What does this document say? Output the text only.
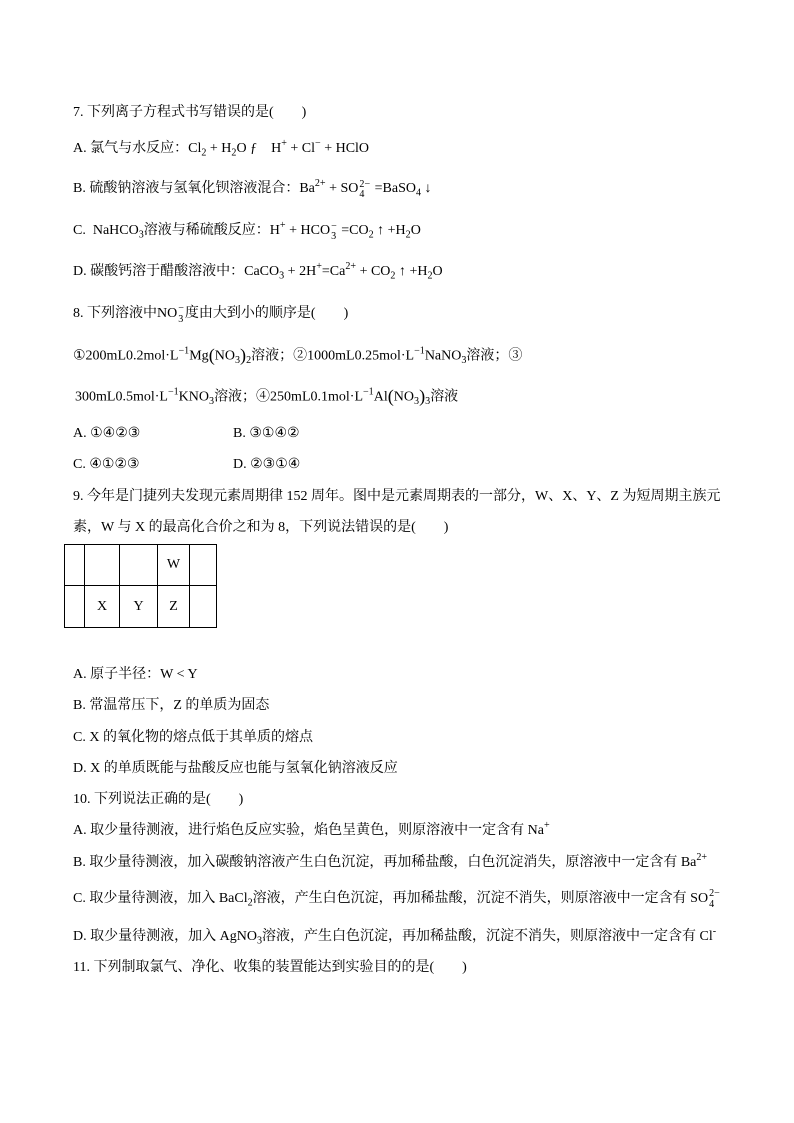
7. 下列离子方程式书写错误的是(　　)
A. 氯气与水反应：$Cl_2 + H_2O$ ƒ　H+ + Cl− + HClO
B. 硫酸钠溶液与氢氧化钡溶液混合：$Ba^{2+}$ + SO 2−
4 =BaSO$_4$ ↓
C.  NaHCO$_3$溶液与稀硫酸反应：H+ + HCO −
$3 =CO_2$ ↑ $+H_2O$
D. 碳酸钙溶于醋酸溶液中：CaCO$_3$ + $2H^+=Ca^{2+} + CO_2$ ↑ $+H_2O$
8. 下列溶液中NO −
3 度由大到小的顺序是(　　)
$①200mL0.2mol\cdot L^{-1}Mg(NO_3)_2$溶液；$②1000mL0.25mol\cdot L^{-1}NaNO_3$溶液；③
$300mL0.5mol\cdot L^{-1}KNO_3$溶液；$④250mL0.1mol\cdot L^{-1}Al(NO_3)_3$溶液
A. ①④②③	B. ③①④②
C. ④①②③	D. ②③①④
9. 今年是门捷列夫发现元素周期律 152 周年。图中是元素周期表的一部分，W、X、Y、Z 为短周期主族元
素，W 与 X 的最高化合价之和为 8，下列说法错误的是(　　)
			W	
	X	Y	Z	
A. 原子半径：W < Y
B. 常温常压下，Z 的单质为固态
C. X 的氧化物的熔点低于其单质的熔点
D. X 的单质既能与盐酸反应也能与氢氧化钠溶液反应
10. 下列说法正确的是(　　)
A. 取少量待测液，进行焰色反应实验，焰色呈黄色，则原溶液中一定含有 Na+
B. 取少量待测液，加入碳酸钠溶液产生白色沉淀，再加稀盐酸，白色沉淀消失，原溶液中一定含有 $Ba^{2+}$
C. 取少量待测液，加入 BaCl$_2$溶液，产生白色沉淀，再加稀盐酸，沉淀不消失，则原溶液中一定含有 SO 2−
4
D. 取少量待测液，加入 AgNO$_3$溶液，产生白色沉淀，再加稀盐酸，沉淀不消失，则原溶液中一定含有 Cl-
11. 下列制取氯气、净化、收集的装置能达到实验目的的是(　　)
